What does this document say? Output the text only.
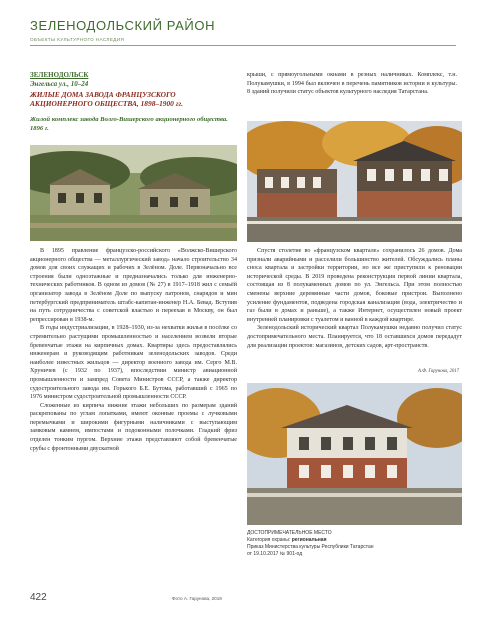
ЗЕЛЕНОДОЛЬСКИЙ РАЙОН
ОБЪЕКТЫ КУЛЬТУРНОГО НАСЛЕДИЯ
ЗЕЛЕНОДОЛЬСК
Энгельса ул., 10–24
ЖИЛЫЕ ДОМА ЗАВОДА ФРАНЦУЗСКОГО АКЦИОНЕРНОГО ОБЩЕСТВА, 1898–1900 гг.
Жилой комплекс завода Волго-Вишерского акционерного общества. 1896 г.

В 1895 правление французско-российского «Волжско-Вишерского акционерного общества — металлургический завод» начало строительство 34 домов для своих служащих и рабочих в Зелёном. Доле. Первоначально все строения были одноэтажные и предназначались только для инженерно-технических работников. В одном из домов (№ 27) в 1917–1918 жил с семьёй организатор завода в Зелёном Доле по выпуску патронов, снарядов и мин петербургский предприниматель штабс-капитан-инженер Н.А. Бевад. Вступив на путь сотрудничества с советской властью и переехав в Москву, он был репрессирован в 1938-м.

В годы индустриализации, в 1928–1930, из-за нехватки жилья в посёлке со стремительно растущими промышленностью и населением возвели вторые бревенчатые этажи на кирпичных домах. Квартиры здесь предоставлялись инженерам и руководящим работникам зеленодольских заводов. Среди наиболее известных жильцов — директор военного завода им. Серго М.В. Хруничев (с 1932 по 1937), впоследствии министр авиационной промышленности и зампред Совета Министров СССР, а также директор судостроительного завода им. Горького Б.Е. Бутома, работавший с 1965 по 1976 министром судостроительной промышленности СССР.

Сложенные из кирпича нижние этажи небольших по размерам зданий раскрепованы по углам лопатками, имеют оконные проемы с лучковыми перемычками и широкими фигурными наличниками с выступающим замковым камнем, импостами и подоконными полочками. Гладкий фриз отделен тонким пургом. Верхние этажи представляют собой бревенчатые срубы с фронтонными двускатной

крыши, с прямоугольными окнами в резных наличниках. Комплекс, т.н. Полукамушки, в 1994 был включен в перечень памятников истории и культуры. 8 зданий получили статус объектов культурного наследия Татарстана.

Спустя столетие во «французском квартале» сохранилось 26 домов. Дома признали аварийными и расселили большинство жителей. Обсуждались планы сноса квартала и застройки территории, но все же приступили к реновации исторической среды. В 2019 проведена реконструкция первой линии квартала, состоящая из 8 полукаменных домов по ул. Энгельса. При этом полностью сменены верхние деревянные части домов, боковые пристрои. Выполнено усиление фундаментов, подведена городская канализация (вода, электричество и газ были в домах и раньше), а также Интернет, осуществлен новый проект внутренней планировки с туалетом и ванной в каждой квартире.

Зеленодольский исторический квартал Полукамушки недавно получил статус достопримечательного места. Планируется, что 18 оставшихся домов передадут для реализации проектов: магазинов, детских садов, арт-пространств.

А.Ф. Гарунова, 2017
ДОСТОПРИМЕЧАТЕЛЬНОЕ МЕСТО
Категория охраны: региональная
Приказ Министерства культуры Республики Татарстан
от 19.10.2017 № 901-од
422	Фото А. Гарунова, 2019
